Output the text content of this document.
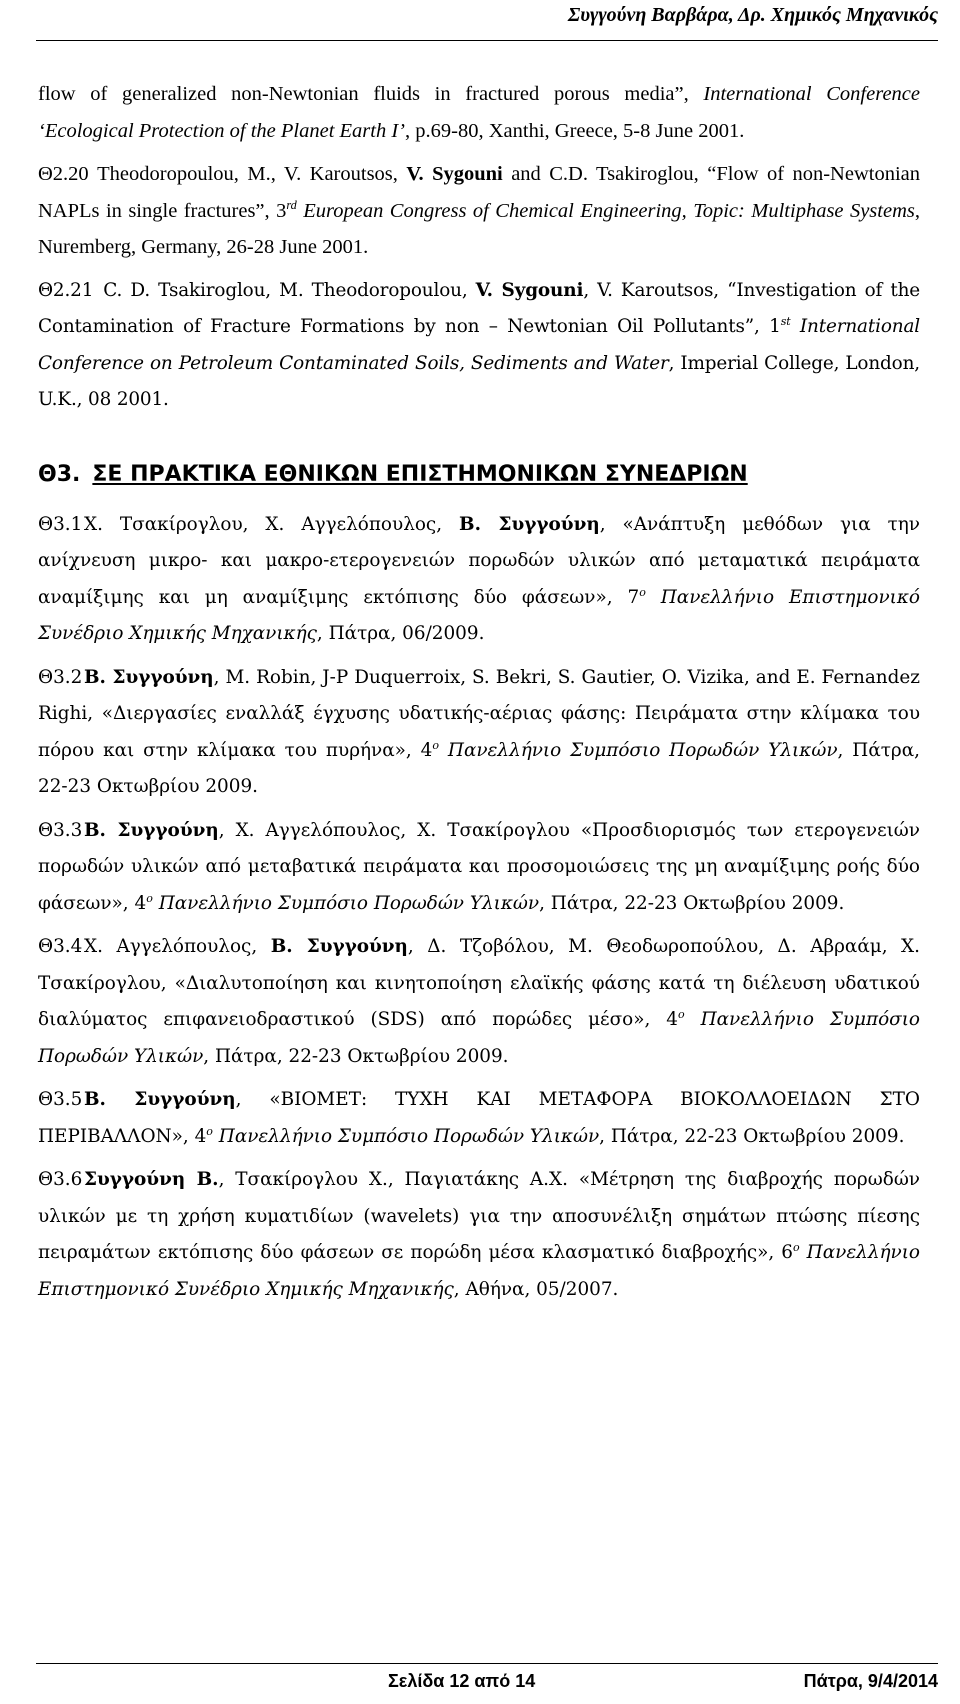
Συγγούνη Βαρβάρα, Δρ. Χημικός Μηχανικός

flow of generalized non-Newtonian fluids in fractured porous media”, International Conference ‘Ecological Protection of the Planet Earth I’, p.69-80, Xanthi, Greece, 5-8 June 2001.

Θ2.20 Theodoropoulou, M., V. Karoutsos, V. Sygouni and C.D. Tsakiroglou, “Flow of non-Newtonian NAPLs in single fractures”, 3rd European Congress of Chemical Engineering, Topic: Multiphase Systems, Nuremberg, Germany, 26-28 June 2001.

Θ2.21 C. D. Tsakiroglou, M. Theodoropoulou, V. Sygouni, V. Karoutsos, “Investigation of the Contamination of Fracture Formations by non – Newtonian Oil Pollutants”, 1st International Conference on Petroleum Contaminated Soils, Sediments and Water, Imperial College, London, U.K., 08 2001.

Θ3. ΣΕ ΠΡΑΚΤΙΚΑ ΕΘΝΙΚΩΝ ΕΠΙΣΤΗΜΟΝΙΚΩΝ ΣΥΝΕΔΡΙΩΝ

Θ3.1Χ. Τσακίρογλου, Χ. Αγγελόπουλος, Β. Συγγούνη, «Ανάπτυξη μεθόδων για την ανίχνευση μικρο- και μακρο-ετερογενειών πορωδών υλικών από μεταματικά πειράματα αναμίξιμης και μη αναμίξιμης εκτόπισης δύο φάσεων», $7^o$ Πανελλήνιο Επιστημονικό Συνέδριο Χημικής Μηχανικής, Πάτρα, 06/2009.

Θ3.2Β. Συγγούνη, M. Robin, J-P Duquerroix, S. Bekri, S. Gautier, O. Vizika, and E. Fernandez Righi, «Διεργασίες εναλλάξ έγχυσης υδατικής-αέριας φάσης: Πειράματα στην κλίμακα του πόρου και στην κλίμακα του πυρήνα», $4^o$ Πανελλήνιο Συμπόσιο Πορωδών Υλικών, Πάτρα, 22-23 Οκτωβρίου 2009.

Θ3.3Β. Συγγούνη, Χ. Αγγελόπουλος, Χ. Τσακίρογλου «Προσδιορισμός των ετερογενειών πορωδών υλικών από μεταβατικά πειράματα και προσομοιώσεις της μη αναμίξιμης ροής δύο φάσεων», $4^o$ Πανελλήνιο Συμπόσιο Πορωδών Υλικών, Πάτρα, 22-23 Οκτωβρίου 2009.

Θ3.4Χ. Αγγελόπουλος, Β. Συγγούνη, Δ. Τζοβόλου, Μ. Θεοδωροπούλου, Δ. Αβραάμ, Χ. Τσακίρογλου, «Διαλυτοποίηση και κινητοποίηση ελαϊκής φάσης κατά τη διέλευση υδατικού διαλύματος επιφανειοδραστικού (SDS) από πορώδες μέσο», $4^o$ Πανελλήνιο Συμπόσιο Πορωδών Υλικών, Πάτρα, 22-23 Οκτωβρίου 2009.

Θ3.5Β. Συγγούνη, «ΒΙΟΜΕΤ: ΤΥΧΗ ΚΑΙ ΜΕΤΑΦΟΡΑ ΒΙΟΚΟΛΛΟΕΙΔΩΝ ΣΤΟ ΠΕΡΙΒΑΛΛΟΝ», $4^o$ Πανελλήνιο Συμπόσιο Πορωδών Υλικών, Πάτρα, 22-23 Οκτωβρίου 2009.

Θ3.6Συγγούνη Β., Τσακίρογλου Χ., Παγιατάκης Α.Χ. «Μέτρηση της διαβροχής πορωδών υλικών με τη χρήση κυματιδίων (wavelets) για την αποσυνέλιξη σημάτων πτώσης πίεσης πειραμάτων εκτόπισης δύο φάσεων σε πορώδη μέσα κλασματικό διαβροχής», $6^o$ Πανελλήνιο Επιστημονικό Συνέδριο Χημικής Μηχανικής, Αθήνα, 05/2007.

Σελίδα 12 από 14	Πάτρα, 9/4/2014
